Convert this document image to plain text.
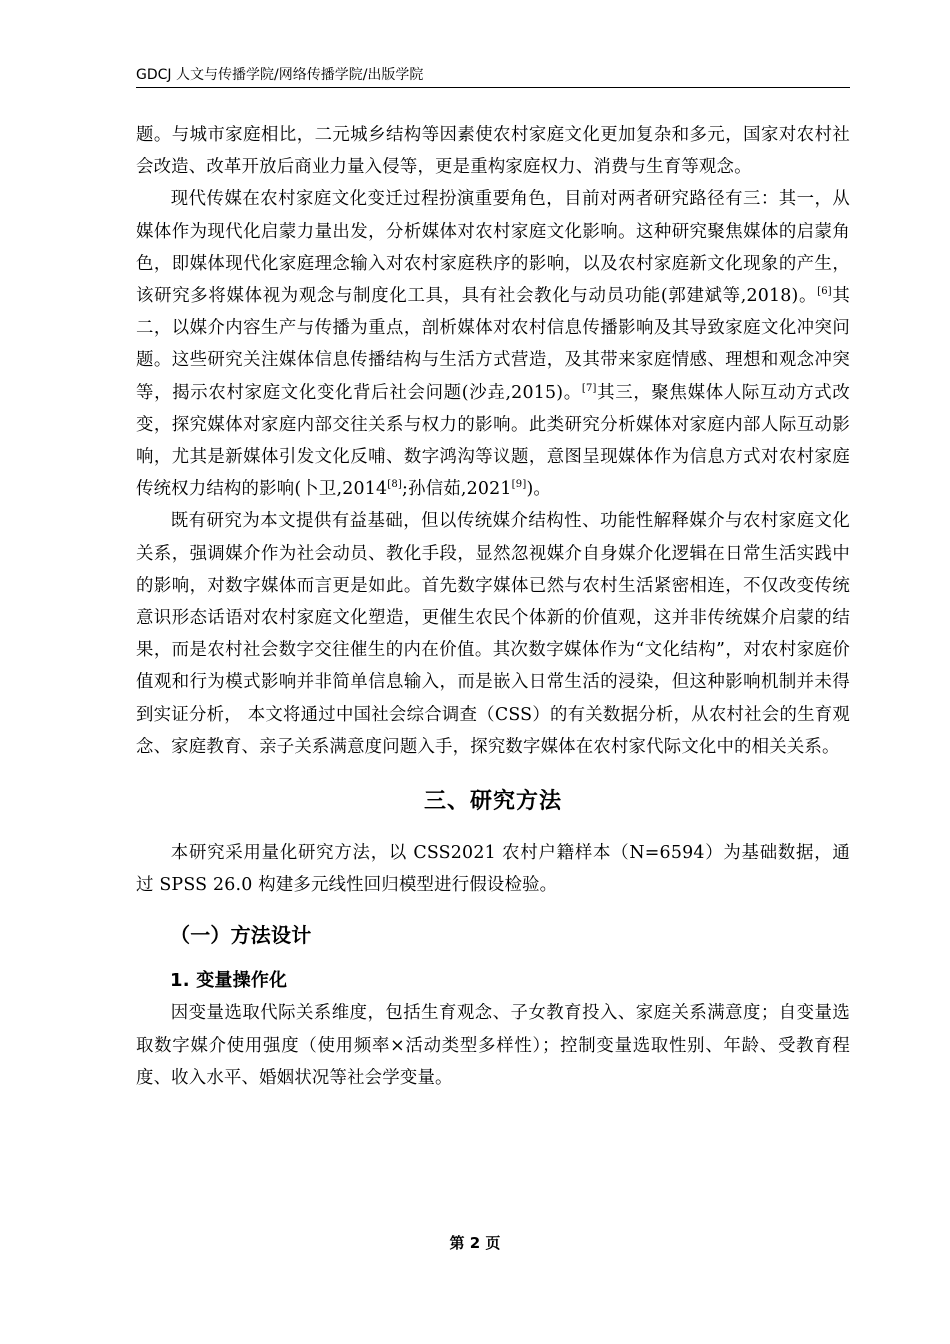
GDCJ 人文与传播学院/网络传播学院/出版学院

题。与城市家庭相比，二元城乡结构等因素使农村家庭文化更加复杂和多元，国家对农村社会改造、改革开放后商业力量入侵等，更是重构家庭权力、消费与生育等观念。

现代传媒在农村家庭文化变迁过程扮演重要角色，目前对两者研究路径有三：其一，从媒体作为现代化启蒙力量出发，分析媒体对农村家庭文化影响。这种研究聚焦媒体的启蒙角色，即媒体现代化家庭理念输入对农村家庭秩序的影响，以及农村家庭新文化现象的产生，该研究多将媒体视为观念与制度化工具，具有社会教化与动员功能(郭建斌等,2018)。[6]其二，以媒介内容生产与传播为重点，剖析媒体对农村信息传播影响及其导致家庭文化冲突问题。这些研究关注媒体信息传播结构与生活方式营造，及其带来家庭情感、理想和观念冲突等，揭示农村家庭文化变化背后社会问题(沙垚,2015)。[7]其三，聚焦媒体人际互动方式改变，探究媒体对家庭内部交往关系与权力的影响。此类研究分析媒体对家庭内部人际互动影响，尤其是新媒体引发文化反哺、数字鸿沟等议题，意图呈现媒体作为信息方式对农村家庭传统权力结构的影响(卜卫,2014[8];孙信茹,2021[9])。

既有研究为本文提供有益基础，但以传统媒介结构性、功能性解释媒介与农村家庭文化关系，强调媒介作为社会动员、教化手段，显然忽视媒介自身媒介化逻辑在日常生活实践中的影响，对数字媒体而言更是如此。首先数字媒体已然与农村生活紧密相连，不仅改变传统意识形态话语对农村家庭文化塑造，更催生农民个体新的价值观，这并非传统媒介启蒙的结果，而是农村社会数字交往催生的内在价值。其次数字媒体作为“文化结构”，对农村家庭价值观和行为模式影响并非简单信息输入，而是嵌入日常生活的浸染，但这种影响机制并未得到实证分析， 本文将通过中国社会综合调查（CSS）的有关数据分析，从农村社会的生育观念、家庭教育、亲子关系满意度问题入手，探究数字媒体在农村家代际文化中的相关关系。

三、研究方法

本研究采用量化研究方法，以 CSS2021 农村户籍样本（N=6594）为基础数据，通过 SPSS 26.0 构建多元线性回归模型进行假设检验。

（一）方法设计
1. 变量操作化

因变量选取代际关系维度，包括生育观念、子女教育投入、家庭关系满意度；自变量选取数字媒介使用强度（使用频率×活动类型多样性）；控制变量选取性别、年龄、受教育程度、收入水平、婚姻状况等社会学变量。

第 2 页
